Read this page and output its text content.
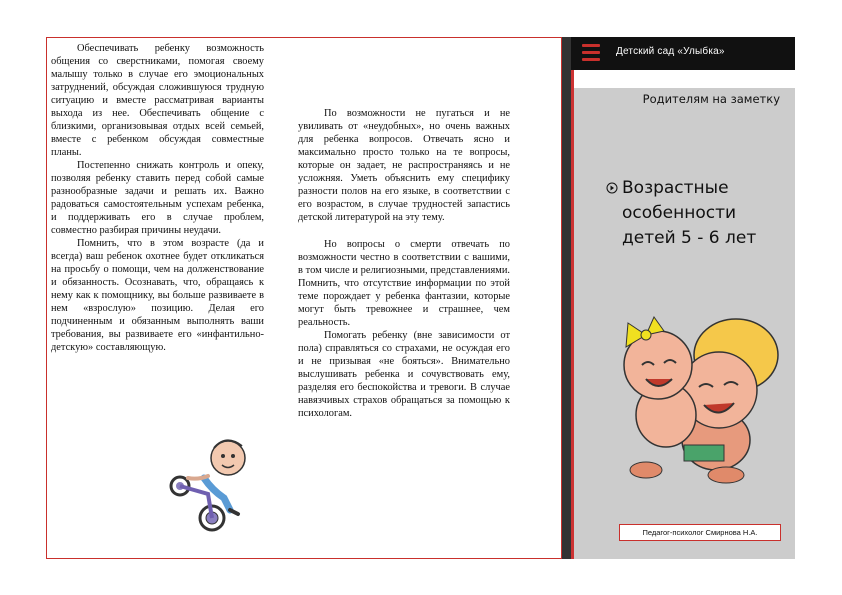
Обеспечивать ребенку возможность общения со сверстниками, помогая своему малышу только в случае его эмоциональных затруднений, обсуждая сложившуюся трудную ситуацию и вместе рассматривая варианты выхода из нее. Обеспечивать общение с близкими, организовывая отдых всей семьей, вместе с ребенком обсуждая совместные планы.

Постепенно снижать контроль и опеку, позволяя ребенку ставить перед собой самые разнообразные задачи и решать их. Важно радоваться самостоятельным успехам ребенка, и поддерживать его в случае проблем, совместно разбирая причины неудачи.

Помнить, что в этом возрасте (да и всегда) ваш ребенок охотнее будет откликаться на просьбу о помощи, чем на долженствование и обязанность. Осознавать, что, обращаясь к нему как к помощнику, вы больше развиваете в нем «взрослую» позицию. Делая его подчиненным и обязанным выполнять ваши требования, вы развиваете его «инфантильно-детскую» составляющую.

По возможности не пугаться и не увиливать от «неудобных», но очень важных для ребенка вопросов. Отвечать ясно и максимально просто только на те вопросы, которые он задает, не распространяясь и не усложняя. Уметь объяснить ему специфику разности полов на его языке, в соответствии с его возрастом, в случае трудностей запастись детской литературой на эту тему.

Но вопросы о смерти отвечать по возможности честно в соответствии с вашими, в том числе и религиозными, представлениями. Помнить, что отсутствие информации по этой теме порождает у ребенка фантазии, которые могут быть тревожнее и страшнее, чем реальность.

Помогать ребенку (вне зависимости от пола) справляться со страхами, не осуждая его и не призывая «не бояться». Внимательно выслушивать ребенка и сочувствовать ему, разделяя его беспокойства и тревоги. В случае навязчивых страхов обращаться за помощью к психологам.

Детский сад «Улыбка»
Родителям на заметку
Возрастные особенности детей 5 - 6 лет
Педагог-психолог Смирнова Н.А.
